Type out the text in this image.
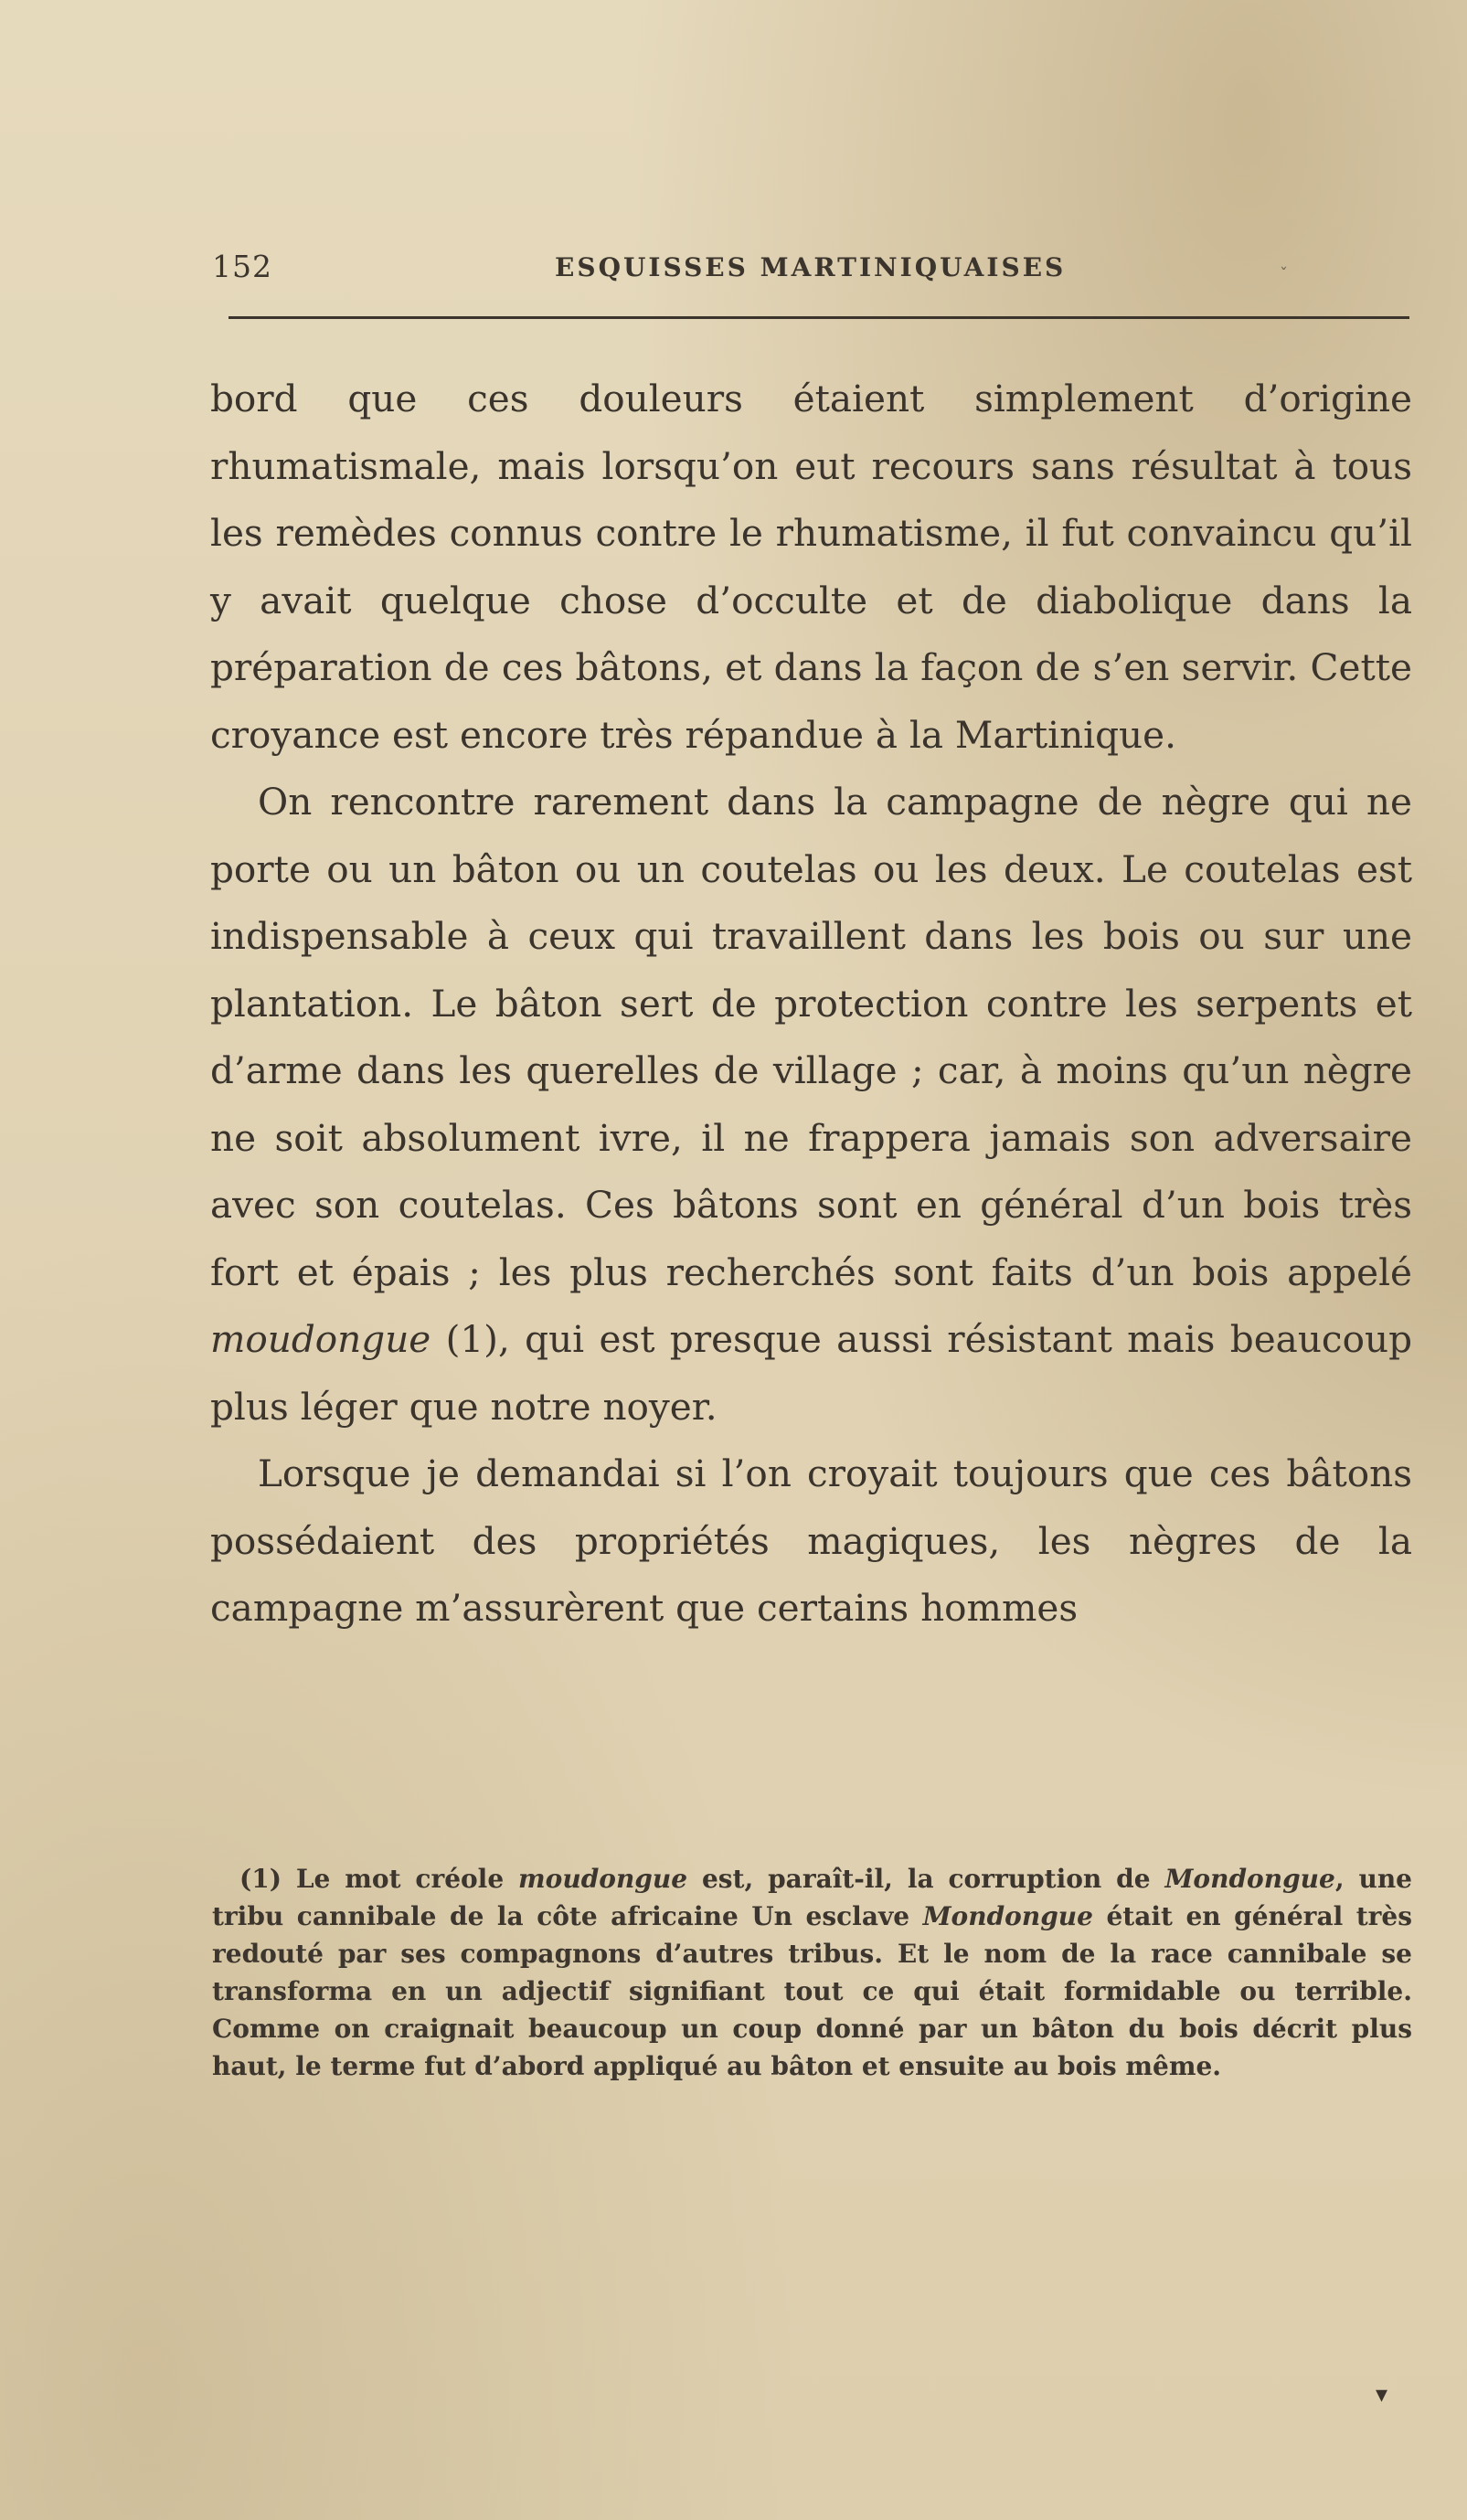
152	ESQUISSES MARTINIQUAISES	ˇ

bord que ces douleurs étaient simplement d’origine rhumatismale, mais lorsqu’on eut recours sans résultat à tous les remèdes connus contre le rhumatisme, il fut convaincu qu’il y avait quelque chose d’occulte et de diabolique dans la préparation de ces bâtons, et dans la façon de s’en servir. Cette croyance est encore très répandue à la Martinique.

On rencontre rarement dans la campagne de nègre qui ne porte ou un bâton ou un coutelas ou les deux. Le coutelas est indispensable à ceux qui travaillent dans les bois ou sur une plantation. Le bâton sert de protection contre les serpents et d’arme dans les querelles de village ; car, à moins qu’un nègre ne soit absolument ivre, il ne frappera jamais son adversaire avec son coutelas. Ces bâtons sont en général d’un bois très fort et épais ; les plus recherchés sont faits d’un bois appelé moudongue (1), qui est presque aussi résistant mais beaucoup plus léger que notre noyer.

Lorsque je demandai si l’on croyait toujours que ces bâtons possédaient des propriétés magiques, les nègres de la campagne m’assurèrent que certains hommes

(1) Le mot créole moudongue est, paraît-il, la corruption de Mondongue, une tribu cannibale de la côte africaine Un esclave Mondongue était en général très redouté par ses compagnons d’autres tribus. Et le nom de la race cannibale se transforma en un adjectif signifiant tout ce qui était formidable ou terrible. Comme on craignait beaucoup un coup donné par un bâton du bois décrit plus haut, le terme fut d’abord appliqué au bâton et ensuite au bois même.

▾
